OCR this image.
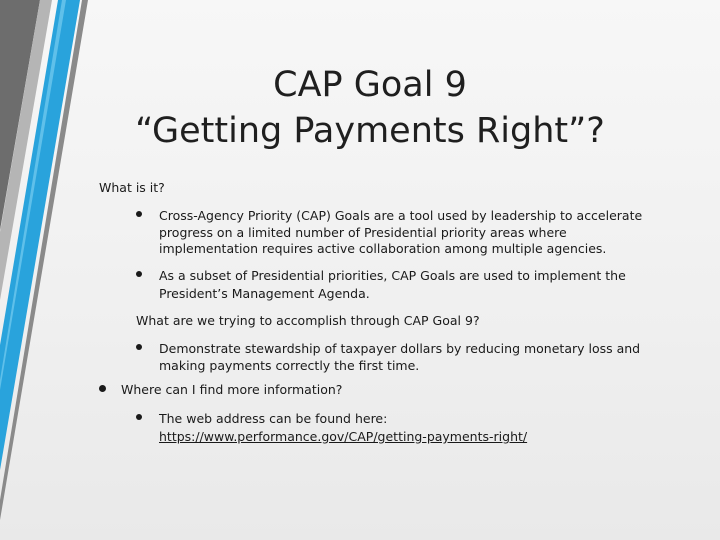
CAP Goal 9
“Getting Payments Right”?
What is it?
Cross-Agency Priority (CAP) Goals are a tool used by leadership to accelerate
progress on a limited number of Presidential priority areas where
implementation requires active collaboration among multiple agencies.
As a subset of Presidential priorities, CAP Goals are used to implement the
President’s Management Agenda.
What are we trying to accomplish through CAP Goal 9?
Demonstrate stewardship of taxpayer dollars by reducing monetary loss and
making payments correctly the first time.
Where can I find more information?
The web address can be found here:
https://www.performance.gov/CAP/getting-payments-right/
